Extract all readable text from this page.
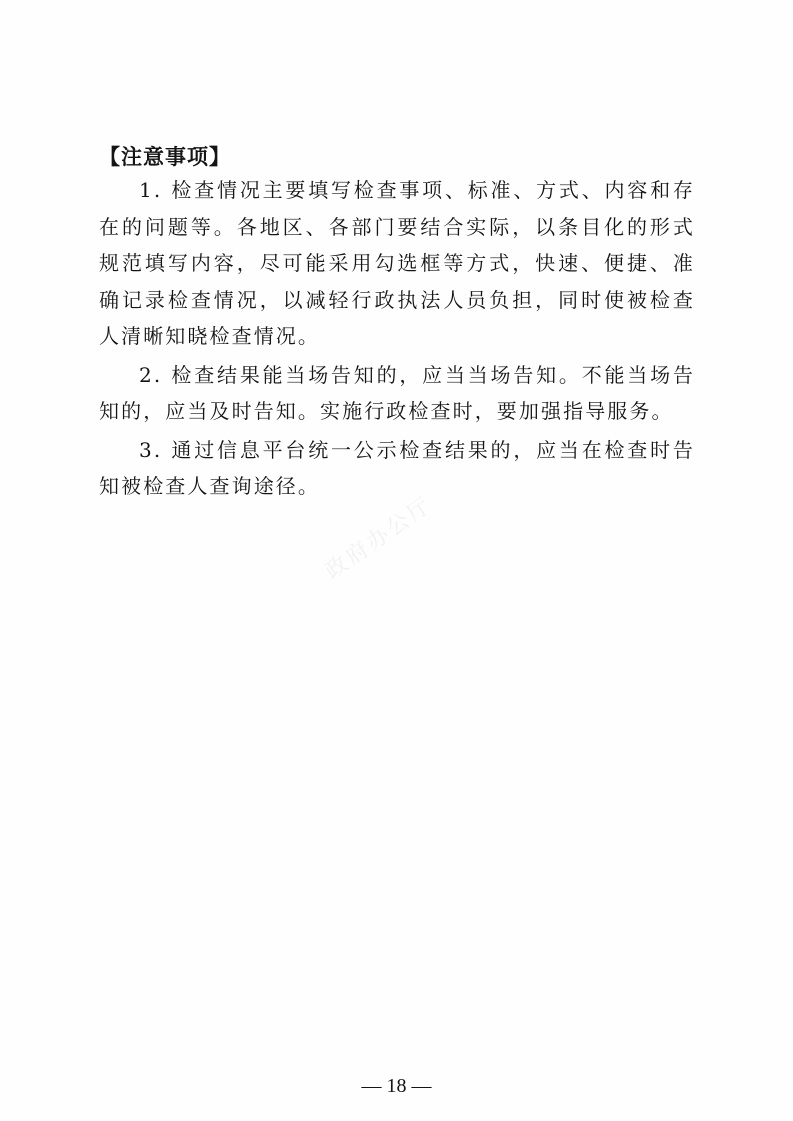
【注意事项】

1. 检查情况主要填写检查事项、标准、方式、内容和存在的问题等。各地区、各部门要结合实际，以条目化的形式规范填写内容，尽可能采用勾选框等方式，快速、便捷、准确记录检查情况，以减轻行政执法人员负担，同时使被检查人清晰知晓检查情况。

2. 检查结果能当场告知的，应当当场告知。不能当场告知的，应当及时告知。实施行政检查时，要加强指导服务。

3. 通过信息平台统一公示检查结果的，应当在检查时告知被检查人查询途径。

政府办公厅
— 18 —
